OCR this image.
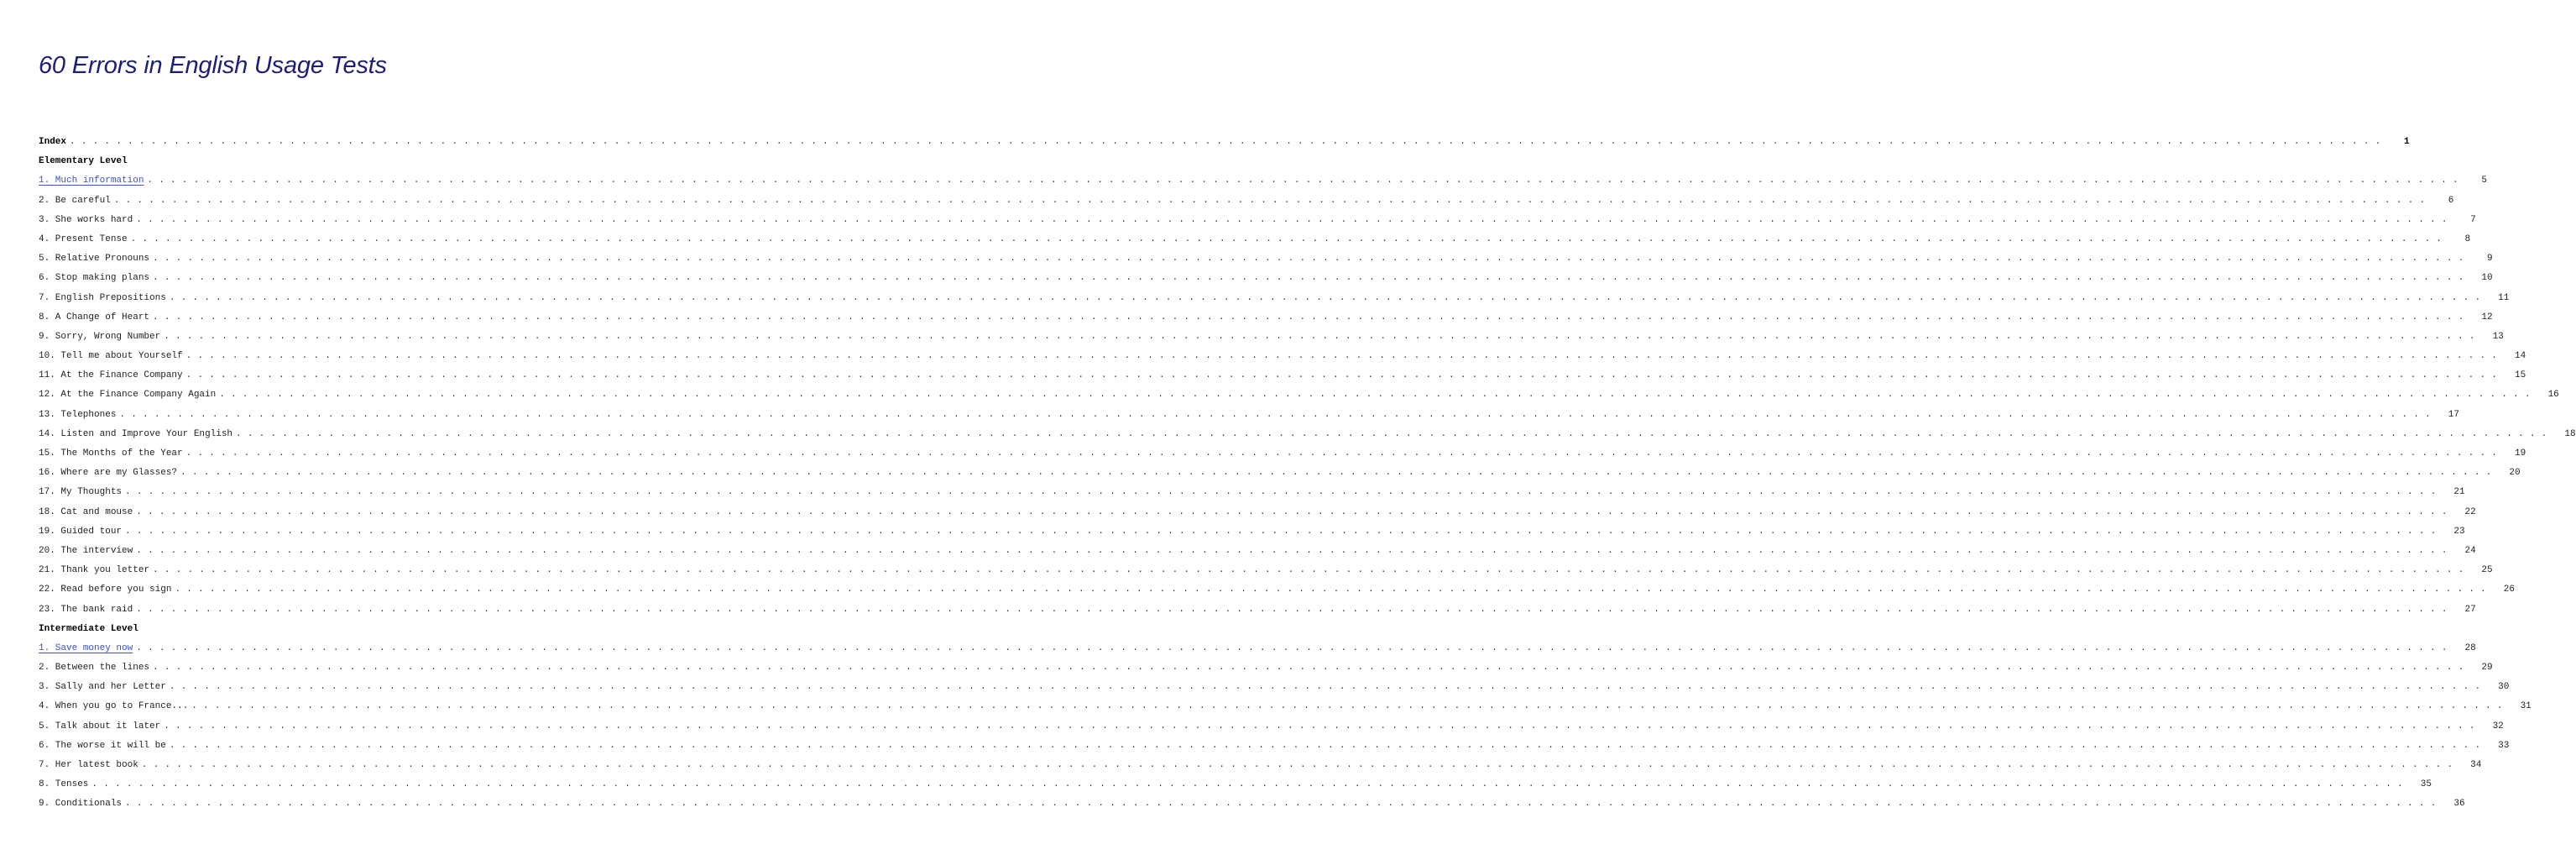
60 Errors in English Usage Tests
Index . . . . . . . . . . . . . . . . . . . . . . . . . . . . . . . . . . . . . . . . . . . . . . . . . . . . . . . . . . . . . . . . . . . . . . . . . . . . . . . . . . . . . . . . . . . . . . . . . . . . . . . . . . . . . . . . . . . . . . . . . . . . . . . . . . . . . . . . . . . . . . . . . . . . . . . . . . . . . . . . . . . . . . . . . . . . . . . . . . . . . . . . . . . . . . . . . . . . . . . .	1
Elementary Level
1. Much information . . . . . . . . . . . . . . . . . . . . . . . . . . . . . . . . . . . . . . . . . . . . . . . . . . . . . . . . . . . . . . . . . . . . . . . . . . . . . . . . . . . . . . . . . . . . . . . . . . . . . . . . . . . . . . . . . . . . . . . . . . . . . . . . . . . . . . . . . . . . . . . . . . . . . . . . . . . . . . . . . . . . . . . . . . . . . . . . . . . . . . . . . . . . . . . . . . . . . . . .	5
2. Be careful . . . . . . . . . . . . . . . . . . . . . . . . . . . . . . . . . . . . . . . . . . . . . . . . . . . . . . . . . . . . . . . . . . . . . . . . . . . . . . . . . . . . . . . . . . . . . . . . . . . . . . . . . . . . . . . . . . . . . . . . . . . . . . . . . . . . . . . . . . . . . . . . . . . . . . . . . . . . . . . . . . . . . . . . . . . . . . . . . . . . . . . . . . . . . . . . . . . . . . . .	6
3. She works hard . . . . . . . . . . . . . . . . . . . . . . . . . . . . . . . . . . . . . . . . . . . . . . . . . . . . . . . . . . . . . . . . . . . . . . . . . . . . . . . . . . . . . . . . . . . . . . . . . . . . . . . . . . . . . . . . . . . . . . . . . . . . . . . . . . . . . . . . . . . . . . . . . . . . . . . . . . . . . . . . . . . . . . . . . . . . . . . . . . . . . . . . . . . . . . . . . . . . . . . .	7
4. Present Tense . . . . . . . . . . . . . . . . . . . . . . . . . . . . . . . . . . . . . . . . . . . . . . . . . . . . . . . . . . . . . . . . . . . . . . . . . . . . . . . . . . . . . . . . . . . . . . . . . . . . . . . . . . . . . . . . . . . . . . . . . . . . . . . . . . . . . . . . . . . . . . . . . . . . . . . . . . . . . . . . . . . . . . . . . . . . . . . . . . . . . . . . . . . . . . . . . . . . . . . .	8
5. Relative Pronouns . . . . . . . . . . . . . . . . . . . . . . . . . . . . . . . . . . . . . . . . . . . . . . . . . . . . . . . . . . . . . . . . . . . . . . . . . . . . . . . . . . . . . . . . . . . . . . . . . . . . . . . . . . . . . . . . . . . . . . . . . . . . . . . . . . . . . . . . . . . . . . . . . . . . . . . . . . . . . . . . . . . . . . . . . . . . . . . . . . . . . . . . . . . . . . . . . . . . . . . .	9
6. Stop making plans . . . . . . . . . . . . . . . . . . . . . . . . . . . . . . . . . . . . . . . . . . . . . . . . . . . . . . . . . . . . . . . . . . . . . . . . . . . . . . . . . . . . . . . . . . . . . . . . . . . . . . . . . . . . . . . . . . . . . . . . . . . . . . . . . . . . . . . . . . . . . . . . . . . . . . . . . . . . . . . . . . . . . . . . . . . . . . . . . . . . . . . . . . . . . . . . . . . . . . . .	10
7. English Prepositions . . . . . . . . . . . . . . . . . . . . . . . . . . . . . . . . . . . . . . . . . . . . . . . . . . . . . . . . . . . . . . . . . . . . . . . . . . . . . . . . . . . . . . . . . . . . . . . . . . . . . . . . . . . . . . . . . . . . . . . . . . . . . . . . . . . . . . . . . . . . . . . . . . . . . . . . . . . . . . . . . . . . . . . . . . . . . . . . . . . . . . . . . . . . . . . . . . . . . . . .	11
8. A Change of Heart . . . . . . . . . . . . . . . . . . . . . . . . . . . . . . . . . . . . . . . . . . . . . . . . . . . . . . . . . . . . . . . . . . . . . . . . . . . . . . . . . . . . . . . . . . . . . . . . . . . . . . . . . . . . . . . . . . . . . . . . . . . . . . . . . . . . . . . . . . . . . . . . . . . . . . . . . . . . . . . . . . . . . . . . . . . . . . . . . . . . . . . . . . . . . . . . . . . . . . . .	12
9. Sorry, Wrong Number . . . . . . . . . . . . . . . . . . . . . . . . . . . . . . . . . . . . . . . . . . . . . . . . . . . . . . . . . . . . . . . . . . . . . . . . . . . . . . . . . . . . . . . . . . . . . . . . . . . . . . . . . . . . . . . . . . . . . . . . . . . . . . . . . . . . . . . . . . . . . . . . . . . . . . . . . . . . . . . . . . . . . . . . . . . . . . . . . . . . . . . . . . . . . . . . . . . . . . . .	13
10. Tell me about Yourself . . . . . . . . . . . . . . . . . . . . . . . . . . . . . . . . . . . . . . . . . . . . . . . . . . . . . . . . . . . . . . . . . . . . . . . . . . . . . . . . . . . . . . . . . . . . . . . . . . . . . . . . . . . . . . . . . . . . . . . . . . . . . . . . . . . . . . . . . . . . . . . . . . . . . . . . . . . . . . . . . . . . . . . . . . . . . . . . . . . . . . . . . . . . . . . . . . . . . . . .	14
11. At the Finance Company . . . . . . . . . . . . . . . . . . . . . . . . . . . . . . . . . . . . . . . . . . . . . . . . . . . . . . . . . . . . . . . . . . . . . . . . . . . . . . . . . . . . . . . . . . . . . . . . . . . . . . . . . . . . . . . . . . . . . . . . . . . . . . . . . . . . . . . . . . . . . . . . . . . . . . . . . . . . . . . . . . . . . . . . . . . . . . . . . . . . . . . . . . . . . . . . . . . . . . . .	15
12. At the Finance Company Again . . . . . . . . . . . . . . . . . . . . . . . . . . . . . . . . . . . . . . . . . . . . . . . . . . . . . . . . . . . . . . . . . . . . . . . . . . . . . . . . . . . . . . . . . . . . . . . . . . . . . . . . . . . . . . . . . . . . . . . . . . . . . . . . . . . . . . . . . . . . . . . . . . . . . . . . . . . . . . . . . . . . . . . . . . . . . . . . . . . . . . . . . . . . . . . . . . . . . . . .	16
13. Telephones . . . . . . . . . . . . . . . . . . . . . . . . . . . . . . . . . . . . . . . . . . . . . . . . . . . . . . . . . . . . . . . . . . . . . . . . . . . . . . . . . . . . . . . . . . . . . . . . . . . . . . . . . . . . . . . . . . . . . . . . . . . . . . . . . . . . . . . . . . . . . . . . . . . . . . . . . . . . . . . . . . . . . . . . . . . . . . . . . . . . . . . . . . . . . . . . . . . . . . . .	17
14. Listen and Improve Your English . . . . . . . . . . . . . . . . . . . . . . . . . . . . . . . . . . . . . . . . . . . . . . . . . . . . . . . . . . . . . . . . . . . . . . . . . . . . . . . . . . . . . . . . . . . . . . . . . . . . . . . . . . . . . . . . . . . . . . . . . . . . . . . . . . . . . . . . . . . . . . . . . . . . . . . . . . . . . . . . . . . . . . . . . . . . . . . . . . . . . . . . . . . . . . . . . . . . . . . .	18
15. The Months of the Year . . . . . . . . . . . . . . . . . . . . . . . . . . . . . . . . . . . . . . . . . . . . . . . . . . . . . . . . . . . . . . . . . . . . . . . . . . . . . . . . . . . . . . . . . . . . . . . . . . . . . . . . . . . . . . . . . . . . . . . . . . . . . . . . . . . . . . . . . . . . . . . . . . . . . . . . . . . . . . . . . . . . . . . . . . . . . . . . . . . . . . . . . . . . . . . . . . . . . . . .	19
16. Where are my Glasses? . . . . . . . . . . . . . . . . . . . . . . . . . . . . . . . . . . . . . . . . . . . . . . . . . . . . . . . . . . . . . . . . . . . . . . . . . . . . . . . . . . . . . . . . . . . . . . . . . . . . . . . . . . . . . . . . . . . . . . . . . . . . . . . . . . . . . . . . . . . . . . . . . . . . . . . . . . . . . . . . . . . . . . . . . . . . . . . . . . . . . . . . . . . . . . . . . . . . . . . .	20
17. My Thoughts . . . . . . . . . . . . . . . . . . . . . . . . . . . . . . . . . . . . . . . . . . . . . . . . . . . . . . . . . . . . . . . . . . . . . . . . . . . . . . . . . . . . . . . . . . . . . . . . . . . . . . . . . . . . . . . . . . . . . . . . . . . . . . . . . . . . . . . . . . . . . . . . . . . . . . . . . . . . . . . . . . . . . . . . . . . . . . . . . . . . . . . . . . . . . . . . . . . . . . . .	21
18. Cat and mouse . . . . . . . . . . . . . . . . . . . . . . . . . . . . . . . . . . . . . . . . . . . . . . . . . . . . . . . . . . . . . . . . . . . . . . . . . . . . . . . . . . . . . . . . . . . . . . . . . . . . . . . . . . . . . . . . . . . . . . . . . . . . . . . . . . . . . . . . . . . . . . . . . . . . . . . . . . . . . . . . . . . . . . . . . . . . . . . . . . . . . . . . . . . . . . . . . . . . . . . .	22
19. Guided tour . . . . . . . . . . . . . . . . . . . . . . . . . . . . . . . . . . . . . . . . . . . . . . . . . . . . . . . . . . . . . . . . . . . . . . . . . . . . . . . . . . . . . . . . . . . . . . . . . . . . . . . . . . . . . . . . . . . . . . . . . . . . . . . . . . . . . . . . . . . . . . . . . . . . . . . . . . . . . . . . . . . . . . . . . . . . . . . . . . . . . . . . . . . . . . . . . . . . . . . .	23
20. The interview . . . . . . . . . . . . . . . . . . . . . . . . . . . . . . . . . . . . . . . . . . . . . . . . . . . . . . . . . . . . . . . . . . . . . . . . . . . . . . . . . . . . . . . . . . . . . . . . . . . . . . . . . . . . . . . . . . . . . . . . . . . . . . . . . . . . . . . . . . . . . . . . . . . . . . . . . . . . . . . . . . . . . . . . . . . . . . . . . . . . . . . . . . . . . . . . . . . . . . . .	24
21. Thank you letter . . . . . . . . . . . . . . . . . . . . . . . . . . . . . . . . . . . . . . . . . . . . . . . . . . . . . . . . . . . . . . . . . . . . . . . . . . . . . . . . . . . . . . . . . . . . . . . . . . . . . . . . . . . . . . . . . . . . . . . . . . . . . . . . . . . . . . . . . . . . . . . . . . . . . . . . . . . . . . . . . . . . . . . . . . . . . . . . . . . . . . . . . . . . . . . . . . . . . . . .	25
22. Read before you sign . . . . . . . . . . . . . . . . . . . . . . . . . . . . . . . . . . . . . . . . . . . . . . . . . . . . . . . . . . . . . . . . . . . . . . . . . . . . . . . . . . . . . . . . . . . . . . . . . . . . . . . . . . . . . . . . . . . . . . . . . . . . . . . . . . . . . . . . . . . . . . . . . . . . . . . . . . . . . . . . . . . . . . . . . . . . . . . . . . . . . . . . . . . . . . . . . . . . . . . .	26
23. The bank raid . . . . . . . . . . . . . . . . . . . . . . . . . . . . . . . . . . . . . . . . . . . . . . . . . . . . . . . . . . . . . . . . . . . . . . . . . . . . . . . . . . . . . . . . . . . . . . . . . . . . . . . . . . . . . . . . . . . . . . . . . . . . . . . . . . . . . . . . . . . . . . . . . . . . . . . . . . . . . . . . . . . . . . . . . . . . . . . . . . . . . . . . . . . . . . . . . . . . . . . .	27
Intermediate Level
1. Save money now . . . . . . . . . . . . . . . . . . . . . . . . . . . . . . . . . . . . . . . . . . . . . . . . . . . . . . . . . . . . . . . . . . . . . . . . . . . . . . . . . . . . . . . . . . . . . . . . . . . . . . . . . . . . . . . . . . . . . . . . . . . . . . . . . . . . . . . . . . . . . . . . . . . . . . . . . . . . . . . . . . . . . . . . . . . . . . . . . . . . . . . . . . . . . . . . . . . . . . . .	28
2. Between the lines . . . . . . . . . . . . . . . . . . . . . . . . . . . . . . . . . . . . . . . . . . . . . . . . . . . . . . . . . . . . . . . . . . . . . . . . . . . . . . . . . . . . . . . . . . . . . . . . . . . . . . . . . . . . . . . . . . . . . . . . . . . . . . . . . . . . . . . . . . . . . . . . . . . . . . . . . . . . . . . . . . . . . . . . . . . . . . . . . . . . . . . . . . . . . . . . . . . . . . . .	29
3. Sally and her Letter . . . . . . . . . . . . . . . . . . . . . . . . . . . . . . . . . . . . . . . . . . . . . . . . . . . . . . . . . . . . . . . . . . . . . . . . . . . . . . . . . . . . . . . . . . . . . . . . . . . . . . . . . . . . . . . . . . . . . . . . . . . . . . . . . . . . . . . . . . . . . . . . . . . . . . . . . . . . . . . . . . . . . . . . . . . . . . . . . . . . . . . . . . . . . . . . . . . . . . . .	30
4. When you go to France... . . . . . . . . . . . . . . . . . . . . . . . . . . . . . . . . . . . . . . . . . . . . . . . . . . . . . . . . . . . . . . . . . . . . . . . . . . . . . . . . . . . . . . . . . . . . . . . . . . . . . . . . . . . . . . . . . . . . . . . . . . . . . . . . . . . . . . . . . . . . . . . . . . . . . . . . . . . . . . . . . . . . . . . . . . . . . . . . . . . . . . . . . . . . . . . . . . . . . . . .	31
5. Talk about it later . . . . . . . . . . . . . . . . . . . . . . . . . . . . . . . . . . . . . . . . . . . . . . . . . . . . . . . . . . . . . . . . . . . . . . . . . . . . . . . . . . . . . . . . . . . . . . . . . . . . . . . . . . . . . . . . . . . . . . . . . . . . . . . . . . . . . . . . . . . . . . . . . . . . . . . . . . . . . . . . . . . . . . . . . . . . . . . . . . . . . . . . . . . . . . . . . . . . . . . .	32
6. The worse it will be . . . . . . . . . . . . . . . . . . . . . . . . . . . . . . . . . . . . . . . . . . . . . . . . . . . . . . . . . . . . . . . . . . . . . . . . . . . . . . . . . . . . . . . . . . . . . . . . . . . . . . . . . . . . . . . . . . . . . . . . . . . . . . . . . . . . . . . . . . . . . . . . . . . . . . . . . . . . . . . . . . . . . . . . . . . . . . . . . . . . . . . . . . . . . . . . . . . . . . . .	33
7. Her latest book . . . . . . . . . . . . . . . . . . . . . . . . . . . . . . . . . . . . . . . . . . . . . . . . . . . . . . . . . . . . . . . . . . . . . . . . . . . . . . . . . . . . . . . . . . . . . . . . . . . . . . . . . . . . . . . . . . . . . . . . . . . . . . . . . . . . . . . . . . . . . . . . . . . . . . . . . . . . . . . . . . . . . . . . . . . . . . . . . . . . . . . . . . . . . . . . . . . . . . . .	34
8. Tenses . . . . . . . . . . . . . . . . . . . . . . . . . . . . . . . . . . . . . . . . . . . . . . . . . . . . . . . . . . . . . . . . . . . . . . . . . . . . . . . . . . . . . . . . . . . . . . . . . . . . . . . . . . . . . . . . . . . . . . . . . . . . . . . . . . . . . . . . . . . . . . . . . . . . . . . . . . . . . . . . . . . . . . . . . . . . . . . . . . . . . . . . . . . . . . . . . . . . . . . .	35
9. Conditionals . . . . . . . . . . . . . . . . . . . . . . . . . . . . . . . . . . . . . . . . . . . . . . . . . . . . . . . . . . . . . . . . . . . . . . . . . . . . . . . . . . . . . . . . . . . . . . . . . . . . . . . . . . . . . . . . . . . . . . . . . . . . . . . . . . . . . . . . . . . . . . . . . . . . . . . . . . . . . . . . . . . . . . . . . . . . . . . . . . . . . . . . . . . . . . . . . . . . . . . .	36
